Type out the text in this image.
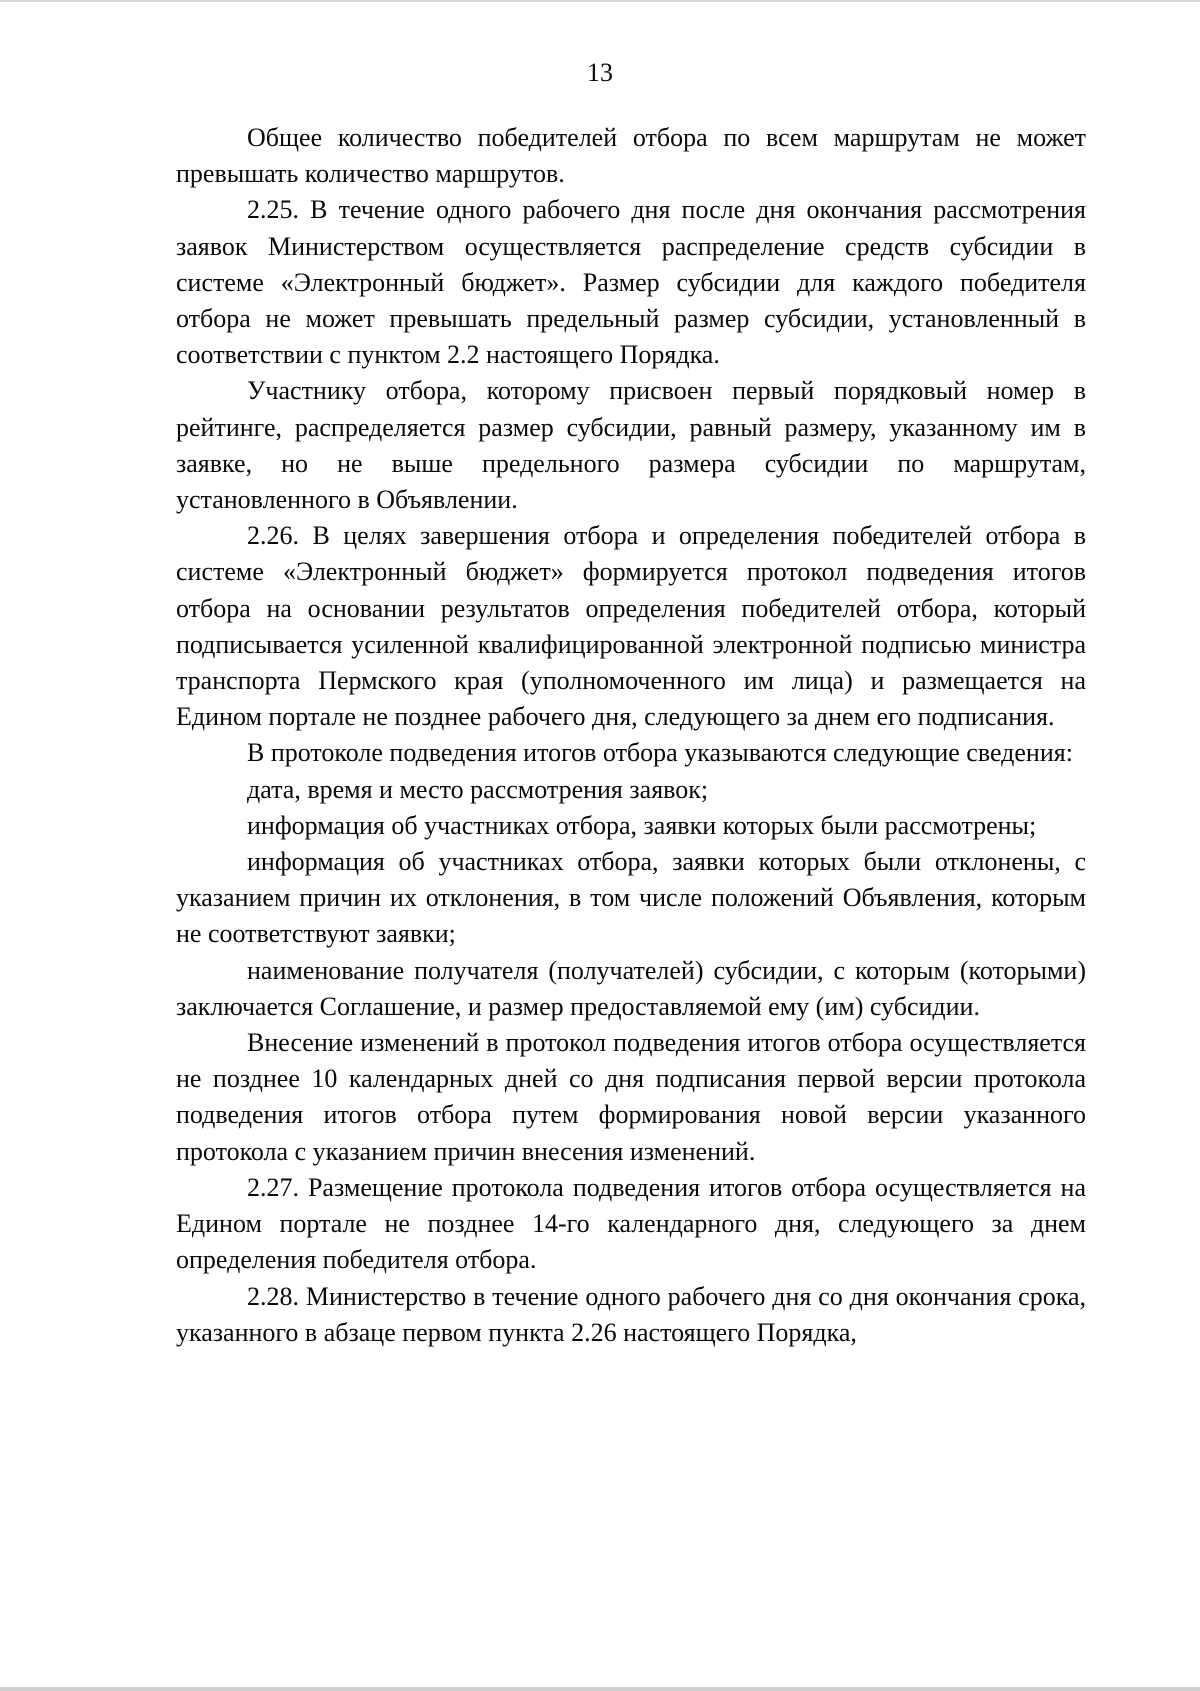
13

Общее количество победителей отбора по всем маршрутам не может превышать количество маршрутов.

2.25. В течение одного рабочего дня после дня окончания рассмотрения заявок Министерством осуществляется распределение средств субсидии в системе «Электронный бюджет». Размер субсидии для каждого победителя отбора не может превышать предельный размер субсидии, установленный в соответствии с пунктом 2.2 настоящего Порядка.

Участнику отбора, которому присвоен первый порядковый номер в рейтинге, распределяется размер субсидии, равный размеру, указанному им в заявке, но не выше предельного размера субсидии по маршрутам, установленного в Объявлении.

2.26. В целях завершения отбора и определения победителей отбора в системе «Электронный бюджет» формируется протокол подведения итогов отбора на основании результатов определения победителей отбора, который подписывается усиленной квалифицированной электронной подписью министра транспорта Пермского края (уполномоченного им лица) и размещается на Едином портале не позднее рабочего дня, следующего за днем его подписания.

В протоколе подведения итогов отбора указываются следующие сведения:

дата, время и место рассмотрения заявок;

информация об участниках отбора, заявки которых были рассмотрены;

информация об участниках отбора, заявки которых были отклонены, с указанием причин их отклонения, в том числе положений Объявления, которым не соответствуют заявки;

наименование получателя (получателей) субсидии, с которым (которыми) заключается Соглашение, и размер предоставляемой ему (им) субсидии.

Внесение изменений в протокол подведения итогов отбора осуществляется не позднее 10 календарных дней со дня подписания первой версии протокола подведения итогов отбора путем формирования новой версии указанного протокола с указанием причин внесения изменений.

2.27. Размещение протокола подведения итогов отбора осуществляется на Едином портале не позднее 14-го календарного дня, следующего за днем определения победителя отбора.

2.28. Министерство в течение одного рабочего дня со дня окончания срока, указанного в абзаце первом пункта 2.26 настоящего Порядка,
